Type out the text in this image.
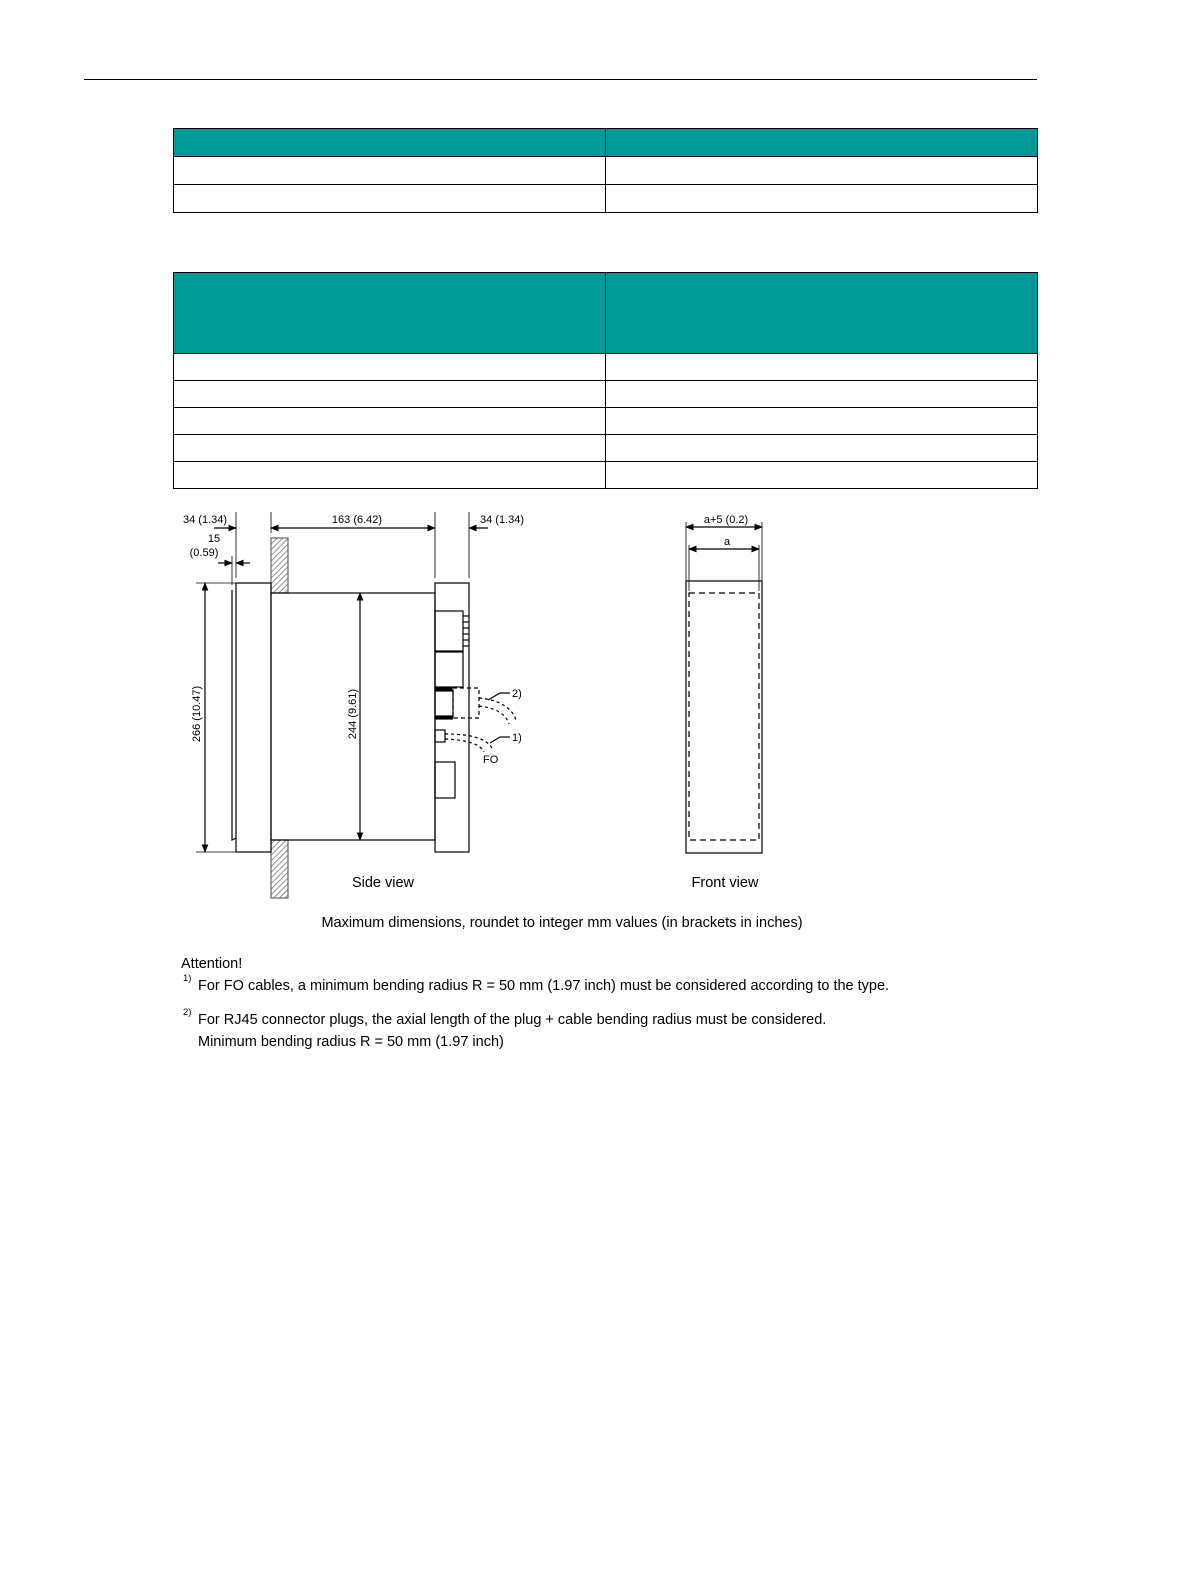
34 (1.34)	163 (6.42)	34 (1.34)
15
(0.59)
266 (10.47)	244 (9.61)	2)
1)
FO
Side view
a+5 (0.2)
a
Front view
Maximum dimensions, roundet to integer mm values (in brackets in inches)
Attention!
1) For FO cables, a minimum bending radius R = 50 mm (1.97 inch) must be considered according to the type.
2) For RJ45 connector plugs, the axial length of the plug + cable bending radius must be considered.
Minimum bending radius R = 50 mm (1.97 inch)
